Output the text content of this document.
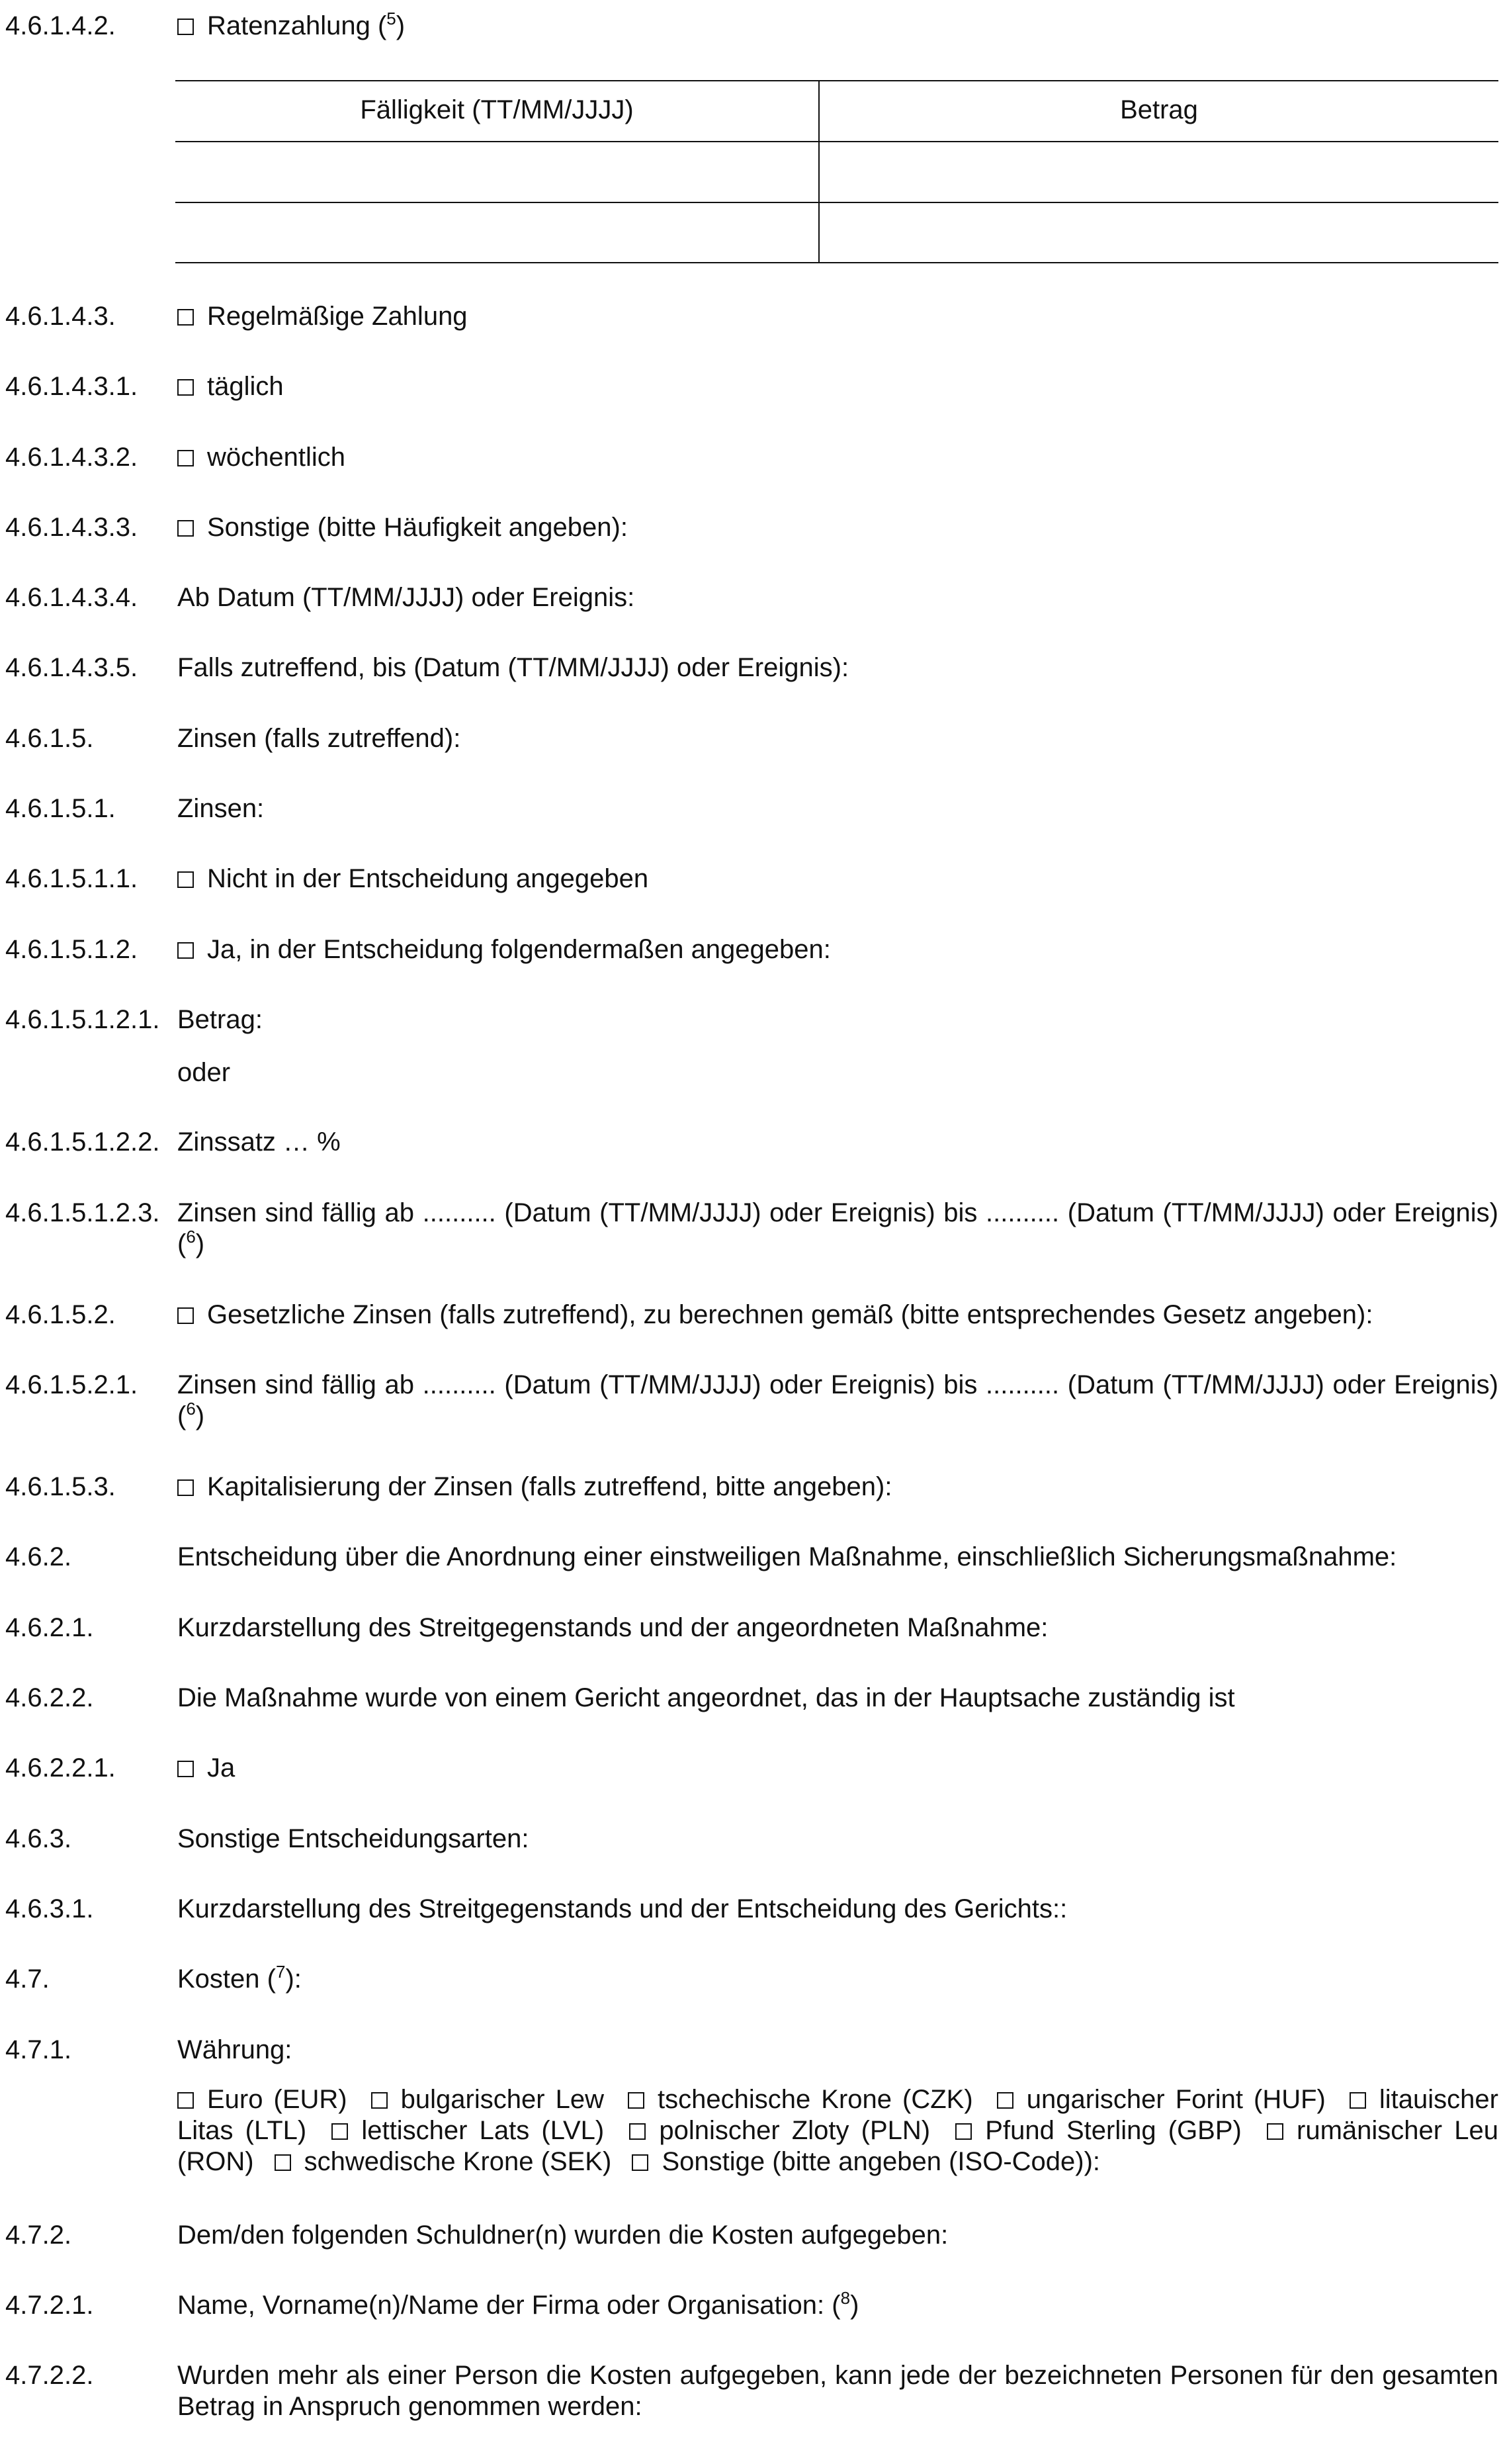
4.6.1.4.2.	Ratenzahlung ($^5$)
Fälligkeit (TT/MM/JJJJ)	Betrag
4.6.1.4.3.	Regelmäßige Zahlung
4.6.1.4.3.1.	täglich
4.6.1.4.3.2.	wöchentlich
4.6.1.4.3.3.	Sonstige (bitte Häufigkeit angeben):
4.6.1.4.3.4. Ab Datum (TT/MM/JJJJ) oder Ereignis:
4.6.1.4.3.5. Falls zutreffend, bis (Datum (TT/MM/JJJJ) oder Ereignis):
4.6.1.5.	Zinsen (falls zutreffend):
4.6.1.5.1. Zinsen:
4.6.1.5.1.1.	Nicht in der Entscheidung angegeben
4.6.1.5.1.2.	Ja, in der Entscheidung folgendermaßen angegeben:
4.6.1.5.1.2.1. Betrag:
oder
4.6.1.5.1.2.2. Zinssatz … %
4.6.1.5.1.2.3. Zinsen sind fällig ab .......... (Datum (TT/MM/JJJJ) oder Ereignis) bis .......... (Datum (TT/MM/JJJJ) oder Ereignis) ($^6$)
4.6.1.5.2.	Gesetzliche Zinsen (falls zutreffend), zu berechnen gemäß (bitte entsprechendes Gesetz angeben):
4.6.1.5.2.1. Zinsen sind fällig ab .......... (Datum (TT/MM/JJJJ) oder Ereignis) bis .......... (Datum (TT/MM/JJJJ) oder Ereignis) ($^6$)
4.6.1.5.3.	Kapitalisierung der Zinsen (falls zutreffend, bitte angeben):
4.6.2.	Entscheidung über die Anordnung einer einstweiligen Maßnahme, einschließlich Sicherungsmaßnahme:
4.6.2.1.	Kurzdarstellung des Streitgegenstands und der angeordneten Maßnahme:
4.6.2.2.	Die Maßnahme wurde von einem Gericht angeordnet, das in der Hauptsache zuständig ist
4.6.2.2.1.	Ja
4.6.3.	Sonstige Entscheidungsarten:
4.6.3.1.	Kurzdarstellung des Streitgegenstands und der Entscheidung des Gerichts::
4.7.	Kosten ($^7$):
4.7.1.	Währung:
Euro (EUR) bulgarischer Lew tschechische Krone (CZK) ungarischer Forint (HUF) litauischer Litas (LTL) lettischer Lats (LVL) polnischer Zloty (PLN) Pfund Sterling (GBP) rumänischer Leu (RON) schwedische Krone (SEK) Sonstige (bitte angeben (ISO-Code)):
4.7.2.	Dem/den folgenden Schuldner(n) wurden die Kosten aufgegeben:
4.7.2.1.	Name, Vorname(n)/Name der Firma oder Organisation: ($^8$)
4.7.2.2.	Wurden mehr als einer Person die Kosten aufgegeben, kann jede der bezeichneten Personen für den gesamten Betrag in Anspruch genommen werden:
